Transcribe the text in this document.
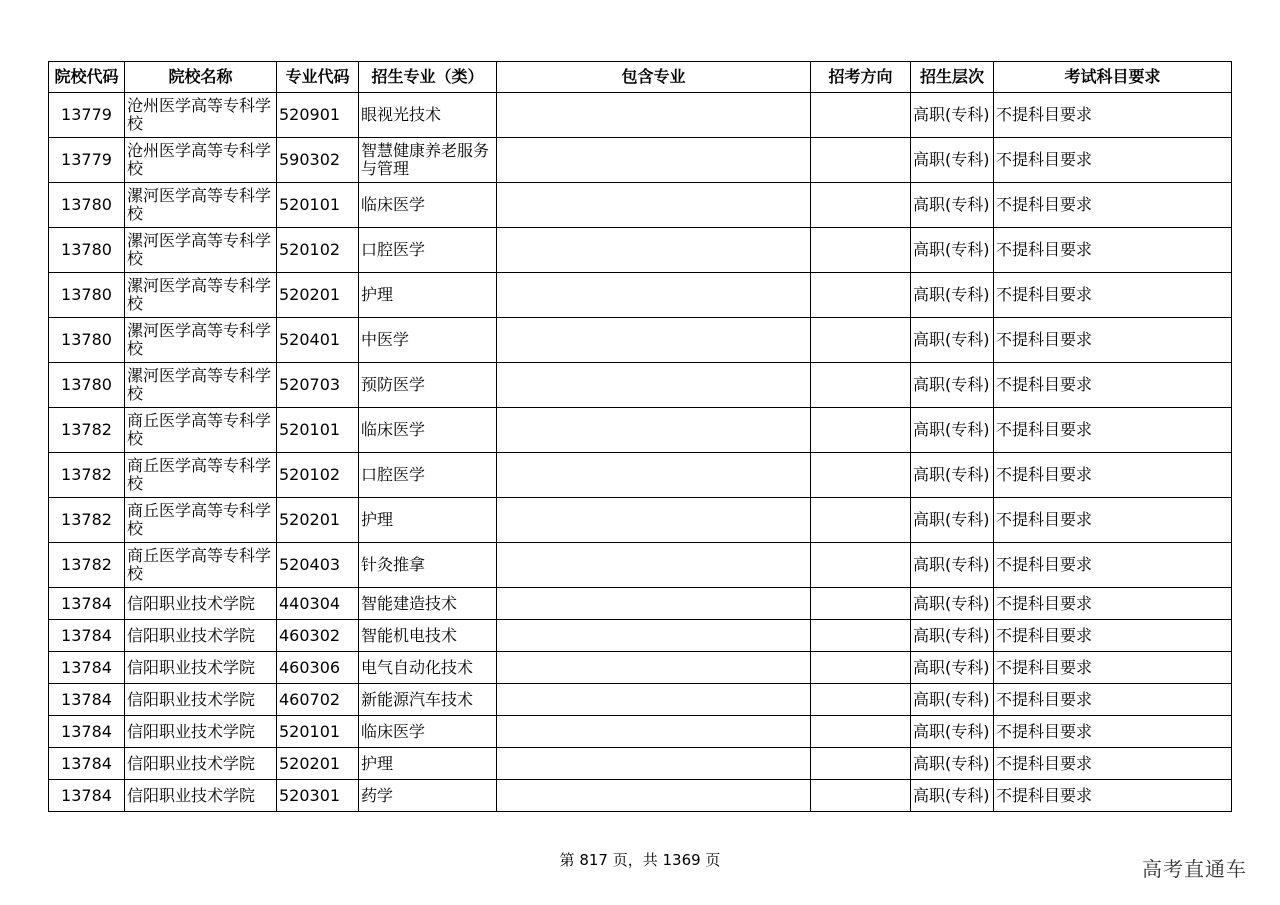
院校代码	院校名称	专业代码	招生专业（类）	包含专业	招考方向	招生层次	考试科目要求
13779	沧州医学高等专科学校	520901	眼视光技术			高职(专科)	不提科目要求
13779	沧州医学高等专科学校	590302	智慧健康养老服务与管理			高职(专科)	不提科目要求
13780	漯河医学高等专科学校	520101	临床医学			高职(专科)	不提科目要求
13780	漯河医学高等专科学校	520102	口腔医学			高职(专科)	不提科目要求
13780	漯河医学高等专科学校	520201	护理			高职(专科)	不提科目要求
13780	漯河医学高等专科学校	520401	中医学			高职(专科)	不提科目要求
13780	漯河医学高等专科学校	520703	预防医学			高职(专科)	不提科目要求
13782	商丘医学高等专科学校	520101	临床医学			高职(专科)	不提科目要求
13782	商丘医学高等专科学校	520102	口腔医学			高职(专科)	不提科目要求
13782	商丘医学高等专科学校	520201	护理			高职(专科)	不提科目要求
13782	商丘医学高等专科学校	520403	针灸推拿			高职(专科)	不提科目要求
13784	信阳职业技术学院	440304	智能建造技术			高职(专科)	不提科目要求
13784	信阳职业技术学院	460302	智能机电技术			高职(专科)	不提科目要求
13784	信阳职业技术学院	460306	电气自动化技术			高职(专科)	不提科目要求
13784	信阳职业技术学院	460702	新能源汽车技术			高职(专科)	不提科目要求
13784	信阳职业技术学院	520101	临床医学			高职(专科)	不提科目要求
13784	信阳职业技术学院	520201	护理			高职(专科)	不提科目要求
13784	信阳职业技术学院	520301	药学			高职(专科)	不提科目要求
第 817 页，共 1369 页	高考直通车
